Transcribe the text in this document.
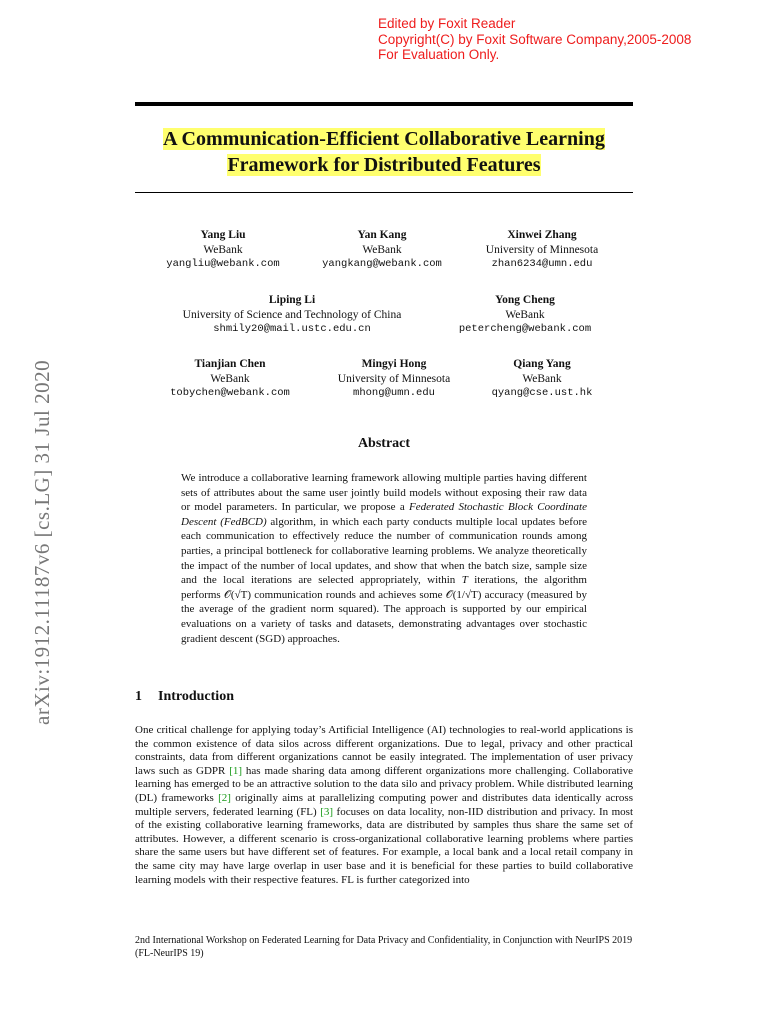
Edited by Foxit Reader
Copyright(C) by Foxit Software Company,2005-2008
For Evaluation Only.
arXiv:1912.11187v6 [cs.LG] 31 Jul 2020
A Communication-Efficient Collaborative Learning
Framework for Distributed Features
Yang Liu
WeBank
yangliu@webank.com
Yan Kang
WeBank
yangkang@webank.com
Xinwei Zhang
University of Minnesota
zhan6234@umn.edu
Liping Li
University of Science and Technology of China
shmily20@mail.ustc.edu.cn
Yong Cheng
WeBank
petercheng@webank.com
Tianjian Chen
WeBank
tobychen@webank.com
Mingyi Hong
University of Minnesota
mhong@umn.edu
Qiang Yang
WeBank
qyang@cse.ust.hk
Abstract
We introduce a collaborative learning framework allowing multiple parties having different sets of attributes about the same user jointly build models without exposing their raw data or model parameters. In particular, we propose a Federated Stochastic Block Coordinate Descent (FedBCD) algorithm, in which each party conducts multiple local updates before each communication to effectively reduce the number of communication rounds among parties, a principal bottleneck for collaborative learning problems. We analyze theoretically the impact of the number of local updates, and show that when the batch size, sample size and the local iterations are selected appropriately, within T iterations, the algorithm performs 𝒪(√T) communication rounds and achieves some 𝒪(1/√T) accuracy (measured by the average of the gradient norm squared). The approach is supported by our empirical evaluations on a variety of tasks and datasets, demonstrating advantages over stochastic gradient descent (SGD) approaches.
1 Introduction
One critical challenge for applying today’s Artificial Intelligence (AI) technologies to real-world applications is the common existence of data silos across different organizations. Due to legal, privacy and other practical constraints, data from different organizations cannot be easily integrated. The implementation of user privacy laws such as GDPR [1] has made sharing data among different organizations more challenging. Collaborative learning has emerged to be an attractive solution to the data silo and privacy problem. While distributed learning (DL) frameworks [2] originally aims at parallelizing computing power and distributes data identically across multiple servers, federated learning (FL) [3] focuses on data locality, non-IID distribution and privacy. In most of the existing collaborative learning frameworks, data are distributed by samples thus share the same set of attributes. However, a different scenario is cross-organizational collaborative learning problems where parties share the same users but have different set of features. For example, a local bank and a local retail company in the same city may have large overlap in user base and it is beneficial for these parties to build collaborative learning models with their respective features. FL is further categorized into
2nd International Workshop on Federated Learning for Data Privacy and Confidentiality, in Conjunction with NeurIPS 2019 (FL-NeurIPS 19)
